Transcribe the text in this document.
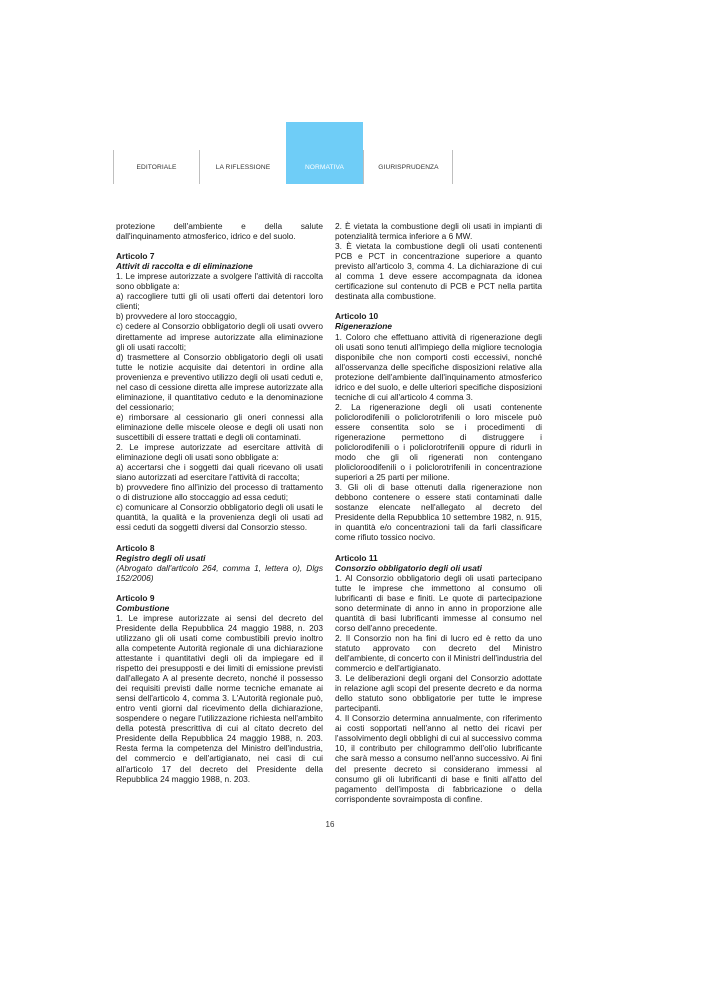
EDITORIALE	LA RIFLESSIONE	NORMATIVA	GIURISPRUDENZA

protezione dell'ambiente e della salute dall'inquinamento atmosferico, idrico e del suolo.

Articolo 7

Attivit di raccolta e di eliminazione

1. Le imprese autorizzate a svolgere l'attività di raccolta sono obbligate a:

a) raccogliere tutti gli oli usati offerti dai detentori loro clienti;

b) provvedere al loro stoccaggio,

c) cedere al Consorzio obbligatorio degli oli usati ovvero direttamente ad imprese autorizzate alla eliminazione gli oli usati raccolti;

d) trasmettere al Consorzio obbligatorio degli oli usati tutte le notizie acquisite dai detentori in ordine alla provenienza e preventivo utilizzo degli oli usati ceduti e, nel caso di cessione diretta alle imprese autorizzate alla eliminazione, il quantitativo ceduto e la denominazione del cessionario;

e) rimborsare al cessionario gli oneri connessi alla eliminazione delle miscele oleose e degli oli usati non suscettibili di essere trattati e degli oli contaminati.

2. Le imprese autorizzate ad esercitare attività di eliminazione degli oli usati sono obbligate a:

a) accertarsi che i soggetti dai quali ricevano oli usati siano autorizzati ad esercitare l'attività di raccolta;

b) provvedere fino all'inizio del processo di trattamento o di distruzione allo stoccaggio ad essa ceduti;

c) comunicare al Consorzio obbligatorio degli oli usati le quantità, la qualità e la provenienza degli oli usati ad essi ceduti da soggetti diversi dal Consorzio stesso.

Articolo 8

Registro degli oli usati

(Abrogato dall'articolo 264, comma 1, lettera o), Dlgs 152/2006)

Articolo 9

Combustione

1. Le imprese autorizzate ai sensi del decreto del Presidente della Repubblica 24 maggio 1988, n. 203 utilizzano gli oli usati come combustibili previo inoltro alla competente Autorità regionale di una dichiarazione attestante i quantitativi degli oli da impiegare ed il rispetto dei presupposti e dei limiti di emissione previsti dall'allegato A al presente decreto, nonché il possesso dei requisiti previsti dalle norme tecniche emanate ai sensi dell'articolo 4, comma 3. L'Autorità regionale può, entro venti giorni dal ricevimento della dichiarazione, sospendere o negare l'utilizzazione richiesta nell'ambito della potestà prescrittiva di cui al citato decreto del Presidente della Repubblica 24 maggio 1988, n. 203. Resta ferma la competenza del Ministro dell'industria, del commercio e dell'artigianato, nei casi di cui all'articolo 17 del decreto del Presidente della Repubblica 24 maggio 1988, n. 203.

2. È vietata la combustione degli oli usati in impianti di potenzialità termica inferiore a 6 MW.

3. È vietata la combustione degli oli usati contenenti PCB e PCT in concentrazione superiore a quanto previsto all'articolo 3, comma 4. La dichiarazione di cui al comma 1 deve essere accompagnata da idonea certificazione sul contenuto di PCB e PCT nella partita destinata alla combustione.

Articolo 10

Rigenerazione

1. Coloro che effettuano attività di rigenerazione degli oli usati sono tenuti all'impiego della migliore tecnologia disponibile che non comporti costi eccessivi, nonché all'osservanza delle specifiche disposizioni relative alla protezione dell'ambiente dall'inquinamento atmosferico idrico e del suolo, e delle ulteriori specifiche disposizioni tecniche di cui all'articolo 4 comma 3.

2. La rigenerazione degli oli usati contenente policlorodifenili o policlorotrifenili o loro miscele può essere consentita solo se i procedimenti di rigenerazione permettono di distruggere i policlorodifenili o i policlorotrifenili oppure di ridurli in modo che gli oli rigenerati non contengano plolicloroodifenili o i policlorotrifenili in concentrazione superiori a 25 parti per milione.

3. Gli oli di base ottenuti dalla rigenerazione non debbono contenere o essere stati contaminati dalle sostanze elencate nell'allegato al decreto del Presidente della Repubblica 10 settembre 1982, n. 915, in quantità e/o concentrazioni tali da farli classificare come rifiuto tossico nocivo.

Articolo 11

Consorzio obbligatorio degli oli usati

1. Al Consorzio obbligatorio degli oli usati partecipano tutte le imprese che immettono al consumo oli lubrificanti di base e finiti. Le quote di partecipazione sono determinate di anno in anno in proporzione alle quantità di basi lubrificanti immesse al consumo nel corso dell'anno precedente.

2. Il Consorzio non ha fini di lucro ed è retto da uno statuto approvato con decreto del Ministro dell'ambiente, di concerto con il Ministri dell'industria del commercio e dell'artigianato.

3. Le deliberazioni degli organi del Consorzio adottate in relazione agli scopi del presente decreto e da norma dello statuto sono obbligatorie per tutte le imprese partecipanti.

4. Il Consorzio determina annualmente, con riferimento ai costi sopportati nell'anno al netto dei ricavi per l'assolvimento degli obblighi di cui al successivo comma 10, il contributo per chilogrammo dell'olio lubrificante che sarà messo a consumo nell'anno successivo. Ai fini del presente decreto si considerano immessi al consumo gli oli lubrificanti di base e finiti all'atto del pagamento dell'imposta di fabbricazione o della corrispondente sovraimposta di confine.

16
